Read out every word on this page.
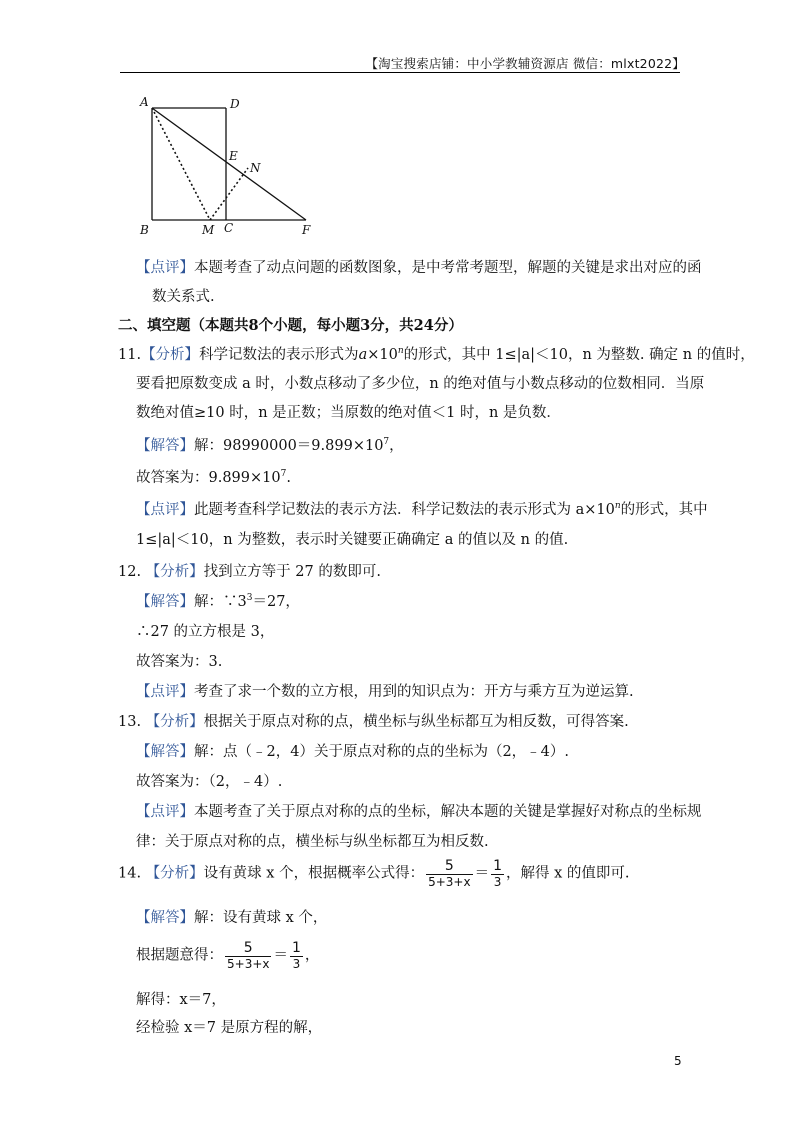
【淘宝搜索店铺：中小学教辅资源店 微信：mlxt2022】
A	D
E
N
B	M C	F
【点评】本题考查了动点问题的函数图象，是中考常考题型，解题的关键是求出对应的函
数关系式.
二、填空题（本题共8个小题，每小题3分，共24分）
11.【分析】科学记数法的表示形式为$a\times 10^n$的形式，其中 1≤|a|＜10，n 为整数. 确定 n 的值时，
要看把原数变成 a 时，小数点移动了多少位，n 的绝对值与小数点移动的位数相同．当原
数绝对值≥10 时，n 是正数；当原数的绝对值＜1 时，n 是负数．
【解答】解：$98990000=9.899\times 10^7$，
故答案为：$9.899\times 10^7$.
【点评】此题考查科学记数法的表示方法．科学记数法的表示形式为 $a\times 10^n$的形式，其中
1≤|a|＜10，n 为整数，表示时关键要正确确定 a 的值以及 n 的值.
12. 【分析】找到立方等于 27 的数即可.
【解答】解：$\because 3^3=27$，
∴27 的立方根是 3，
故答案为：3.
【点评】考查了求一个数的立方根，用到的知识点为：开方与乘方互为逆运算.
13. 【分析】根据关于原点对称的点，横坐标与纵坐标都互为相反数，可得答案.
【解答】解：点（﹣2，4）关于原点对称的点的坐标为（2，﹣4）.
故答案为：（2，﹣4）.
【点评】本题考查了关于原点对称的点的坐标，解决本题的关键是掌握好对称点的坐标规
律：关于原点对称的点，横坐标与纵坐标都互为相反数.
14. 【分析】设有黄球 x 个，根据概率公式得： $\frac{5}{5+3+x} = \frac{1}{3}$ ，解得 x 的值即可.
【解答】解：设有黄球 x 个，
根据题意得： $\frac{5}{5+3+x} = \frac{1}{3}$ ，
解得：x＝7，
经检验 x＝7 是原方程的解，
5
